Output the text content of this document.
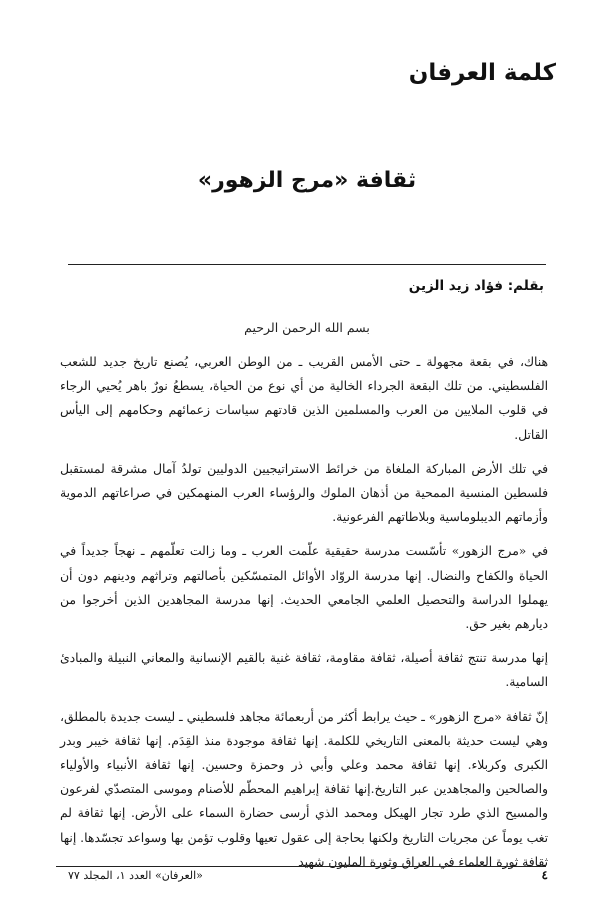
كلمة العرفان
ثقافة «مرج الزهور»
بقلم: فؤاد زيد الزين
بسم الله الرحمن الرحيم

هناك، في بقعة مجهولة ـ حتى الأمس القريب ـ من الوطن العربي، يُصنع تاريخ جديد للشعب الفلسطيني. من تلك البقعة الجرداء الخالية من أي نوع من الحياة، يسطعُ نورٌ باهر يُحيي الرجاء في قلوب الملايين من العرب والمسلمين الذين قادتهم سياسات زعمائهم وحكامهم إلى اليأس القاتل.

في تلك الأرض المباركة الملغاة من خرائط الاستراتيجيين الدوليين تولدُ آمال مشرقة لمستقبل فلسطين المنسية الممحية من أذهان الملوك والرؤساء العرب المنهمكين في صراعاتهم الدموية وأزماتهم الديبلوماسية وبلاطاتهم الفرعونية.

في «مرج الزهور» تأسّست مدرسة حقيقية علّمت العرب ـ وما زالت تعلّمهم ـ نهجاً جديداً في الحياة والكفاح والنضال. إنها مدرسة الروّاد الأوائل المتمسّكين بأصالتهم وتراثهم ودينهم دون أن يهملوا الدراسة والتحصيل العلمي الجامعي الحديث. إنها مدرسة المجاهدين الذين أخرجوا من ديارهم بغير حق.

إنها مدرسة تنتج ثقافة أصيلة، ثقافة مقاومة، ثقافة غنية بالقيم الإنسانية والمعاني النبيلة والمبادئ السامية.

إنّ ثقافة «مرج الزهور» ـ حيث يرابط أكثر من أربعمائة مجاهد فلسطيني ـ ليست جديدة بالمطلق، وهي ليست حديثة بالمعنى التاريخي للكلمة. إنها ثقافة موجودة منذ القِدَم. إنها ثقافة خيبر وبدر الكبرى وكربلاء. إنها ثقافة محمد وعلي وأبي ذر وحمزة وحسين. إنها ثقافة الأنبياء والأولياء والصالحين والمجاهدين عبر التاريخ.إنها ثقافة إبراهيم المحطّم للأصنام وموسى المتصدّي لفرعون والمسيح الذي طرد تجار الهيكل ومحمد الذي أرسى حضارة السماء على الأرض. إنها ثقافة لم تغب يوماً عن مجريات التاريخ ولكنها بحاجة إلى عقول تعيها وقلوب تؤمن بها وسواعد تجسّدها. إنها ثقافة ثورة العلماء في العراق وثورة المليون شهيد

٤
«العرفان» العدد ١، المجلد ٧٧
